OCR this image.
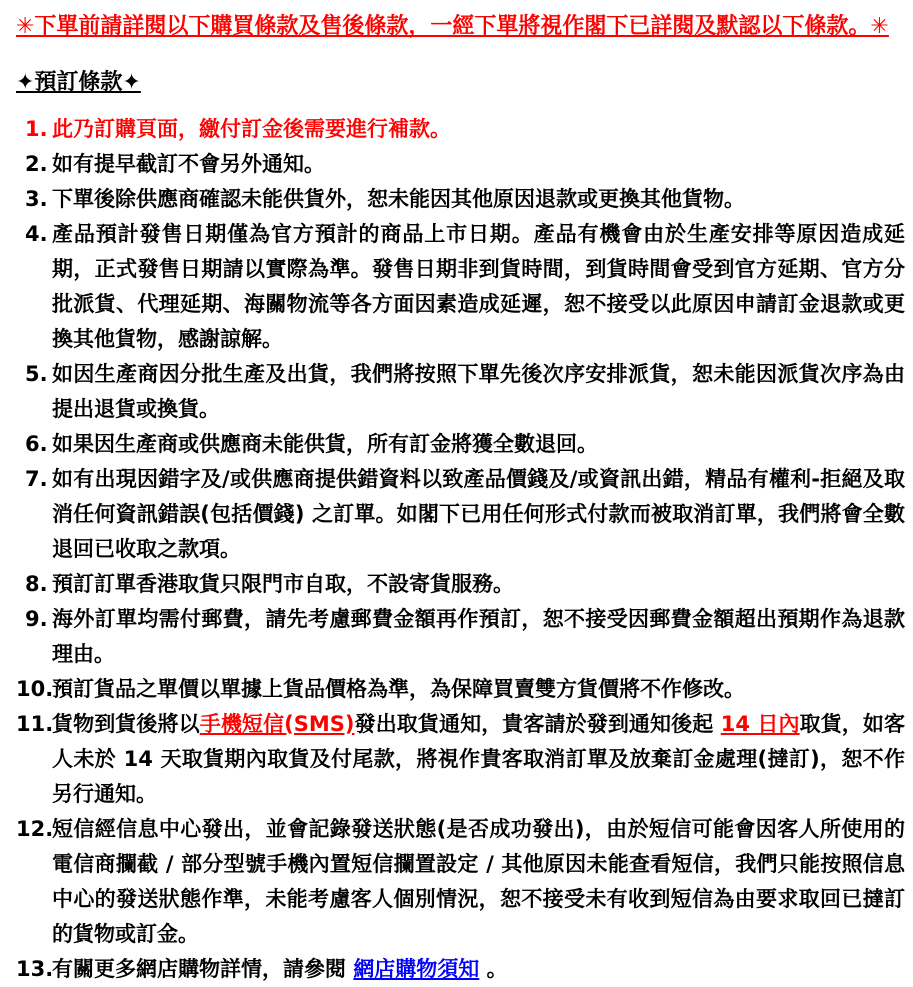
✳下單前請詳閱以下購買條款及售後條款，一經下單將視作閣下已詳閱及默認以下條款。✳

✦預訂條款✦
1. 此乃訂購頁面，繳付訂金後需要進行補款。
2. 如有提早截訂不會另外通知。
3. 下單後除供應商確認未能供貨外，恕未能因其他原因退款或更換其他貨物。
4. 產品預計發售日期僅為官方預計的商品上市日期。產品有機會由於生產安排等原因造成延期，正式發售日期請以實際為準。發售日期非到貨時間，到貨時間會受到官方延期、官方分批派貨、代理延期、海關物流等各方面因素造成延遲，恕不接受以此原因申請訂金退款或更換其他貨物，感謝諒解。
5. 如因生產商因分批生產及出貨，我們將按照下單先後次序安排派貨，恕未能因派貨次序為由提出退貨或換貨。
6. 如果因生產商或供應商未能供貨，所有訂金將獲全數退回。
7. 如有出現因錯字及/或供應商提供錯資料以致產品價錢及/或資訊出錯，精品有權利-拒絕及取消任何資訊錯誤(包括價錢) 之訂單。如閣下已用任何形式付款而被取消訂單，我們將會全數退回已收取之款項。
8. 預訂訂單香港取貨只限門市自取，不設寄貨服務。
9. 海外訂單均需付郵費，請先考慮郵費金額再作預訂，恕不接受因郵費金額超出預期作為退款理由。
10.
預訂貨品之單價以單據上貨品價格為準，為保障買賣雙方貨價將不作修改。
11.
貨物到貨後將以手機短信(SMS)發出取貨通知，貴客請於發到通知後起 14 日內取貨，如客人未於 14 天取貨期內取貨及付尾款，將視作貴客取消訂單及放棄訂金處理(撻訂)，恕不作另行通知。
12.
短信經信息中心發出，並會記錄發送狀態(是否成功發出)，由於短信可能會因客人所使用的電信商攔截 / 部分型號手機內置短信攔置設定 / 其他原因未能查看短信，我們只能按照信息中心的發送狀態作準，未能考慮客人個別情況，恕不接受未有收到短信為由要求取回已撻訂的貨物或訂金。
13.
有關更多網店購物詳情，請參閱 網店購物須知 。
